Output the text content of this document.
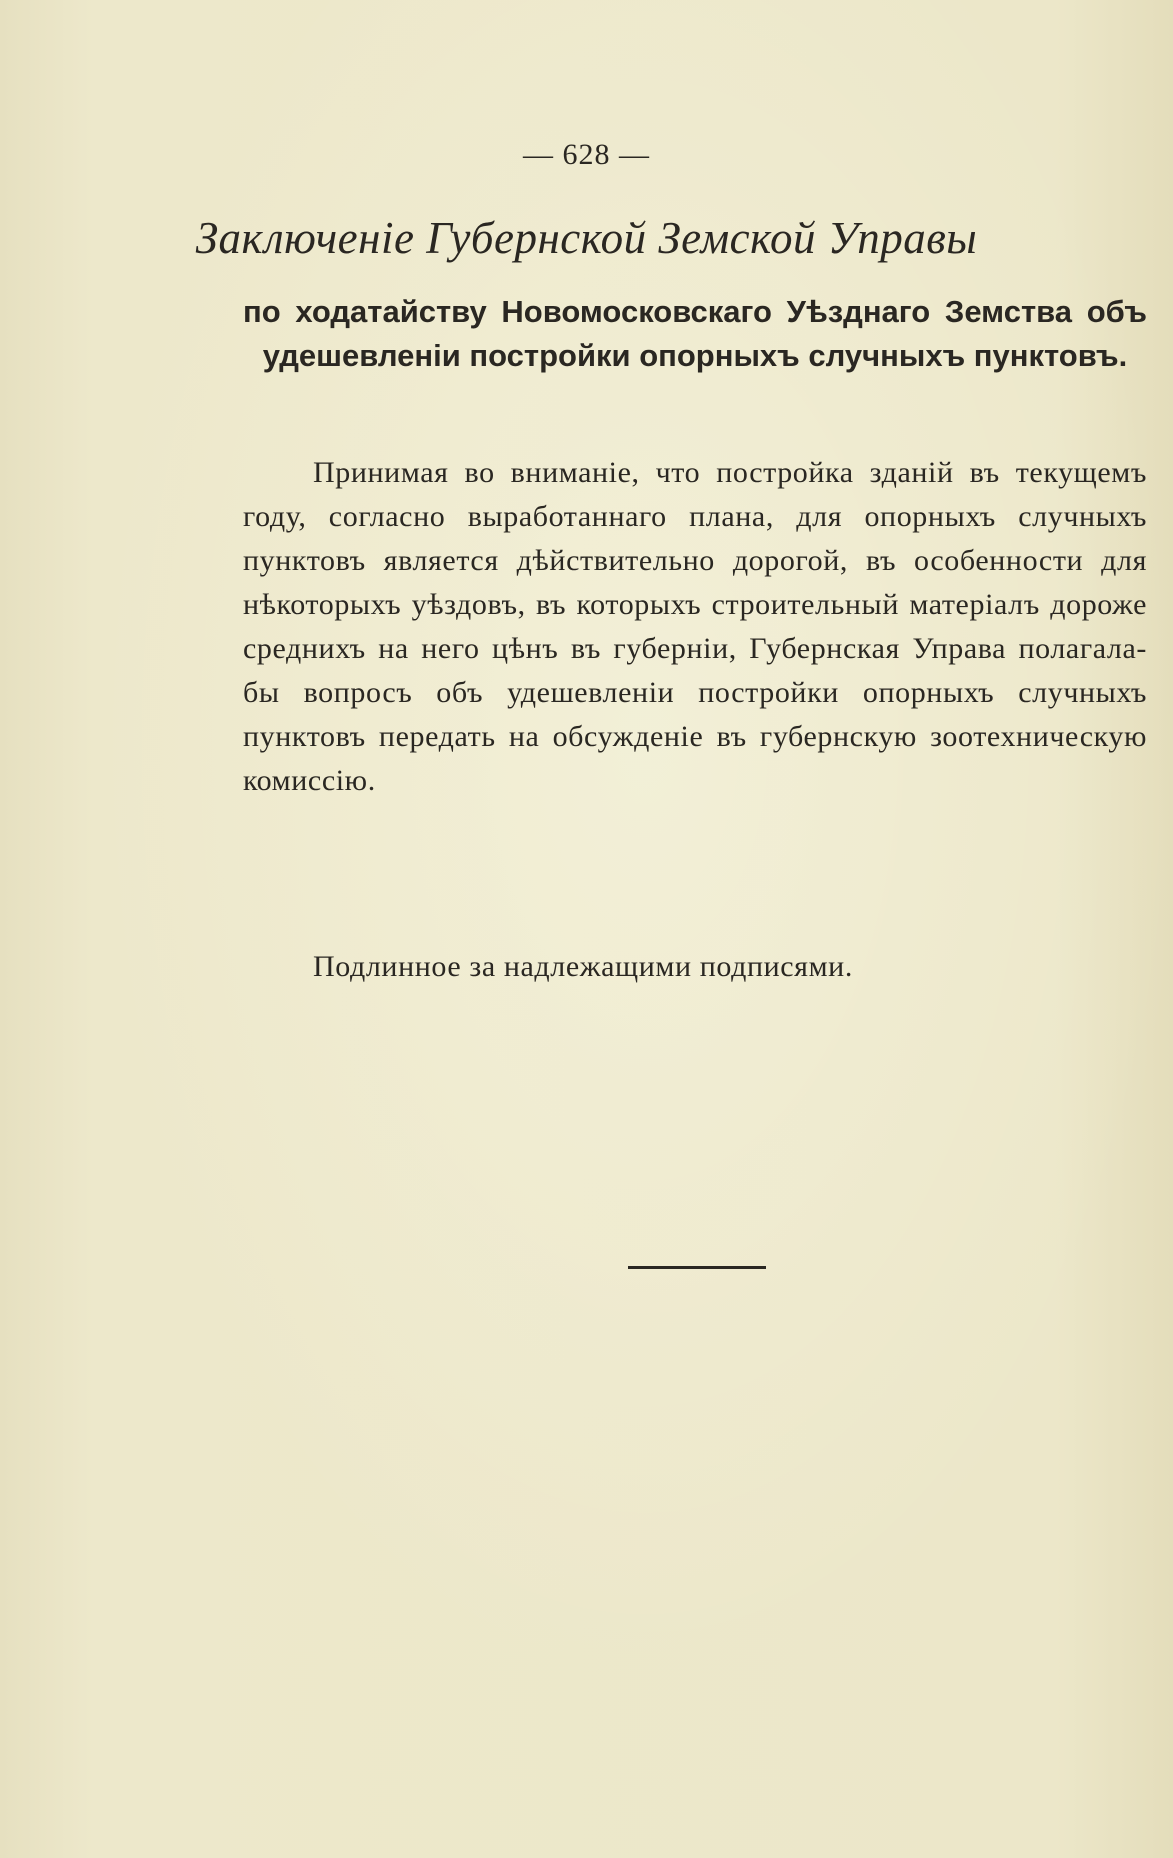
— 628 —
Заключенiе Губернской Земской Управы
по ходатайству Новомосковскаго Уѣзднаго Земства объ удешевленiи постройки опорныхъ случныхъ пунктовъ.
Принимая во вниманiе, что постройка зданiй въ текущемъ году, согласно выработаннаго плана, для опорныхъ случныхъ пунктовъ является дѣйствительно дорогой, въ особенности для нѣкоторыхъ уѣздовъ, въ которыхъ строительный матерiалъ дороже среднихъ на него цѣнъ въ губернiи, Губернская Управа полагала-бы вопросъ объ удешевленiи постройки опорныхъ случныхъ пунктовъ передать на обсужденiе въ губернскую зоотехническую комиссiю.
Подлинное за надлежащими подписями.
